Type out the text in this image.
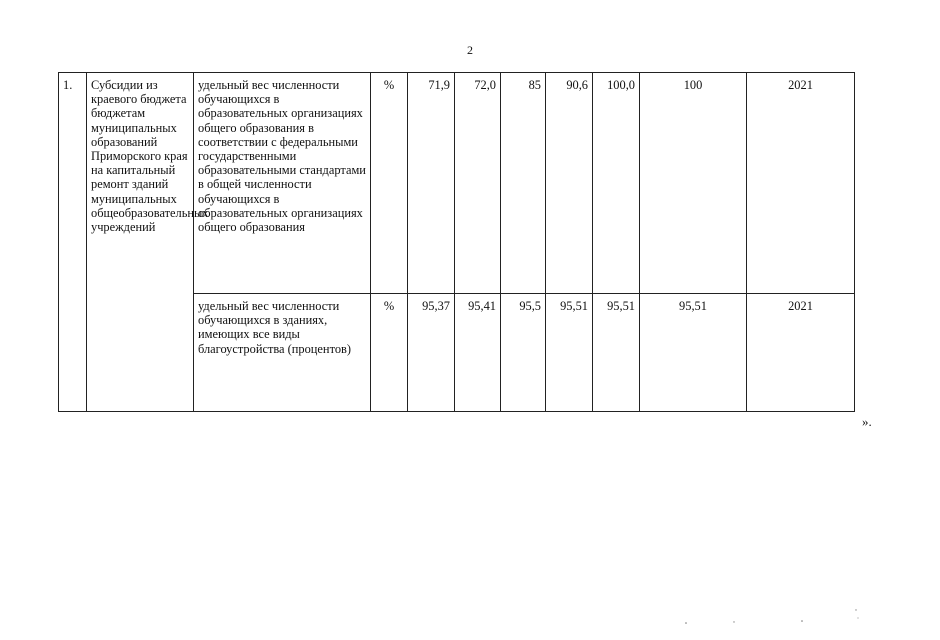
2
1.	Субсидии из краевого бюджета бюджетам муниципальных образований Приморского края на капитальный ремонт зданий муниципальных общеобразовательных учреждений	удельный вес численности обучающихся в образовательных организациях общего образования в соответствии с федеральными государственными образовательными стандартами в общей численности обучающихся в образовательных организациях общего образования	%	71,9	72,0	85	90,6	100,0	100	2021
		удельный вес численности обучающихся в зданиях, имеющих все виды благоустройства (процентов)	%	95,37	95,41	95,5	95,51	95,51	95,51	2021
».
